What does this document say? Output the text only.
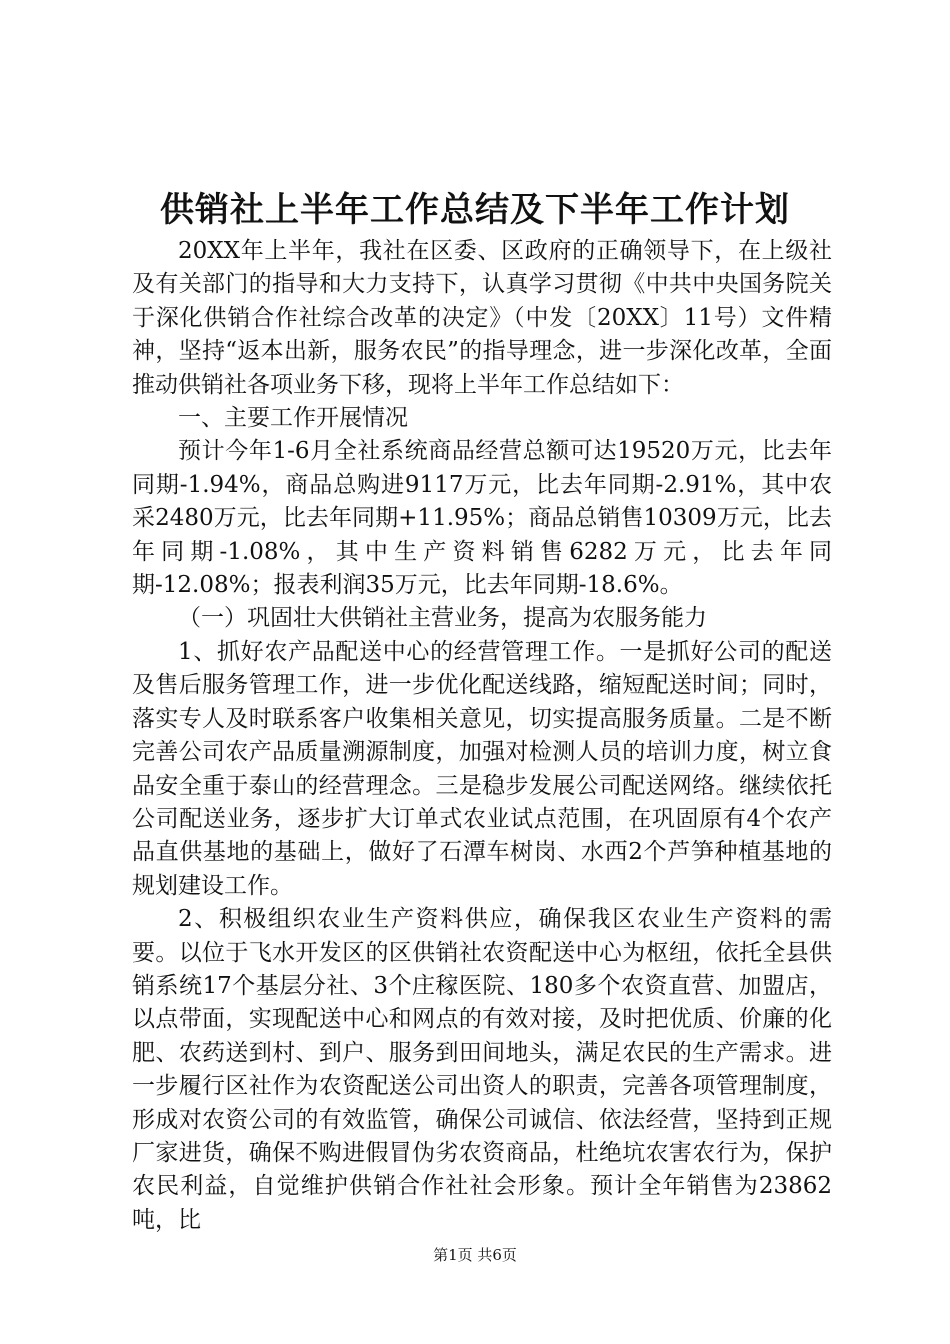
供销社上半年工作总结及下半年工作计划

20XX年上半年，我社在区委、区政府的正确领导下，在上级社及有关部门的指导和大力支持下，认真学习贯彻《中共中央国务院关于深化供销合作社综合改革的决定》（中发〔20XX〕11号）文件精神，坚持“返本出新，服务农民”的指导理念，进一步深化改革，全面推动供销社各项业务下移，现将上半年工作总结如下：

一、主要工作开展情况

预计今年1-6月全社系统商品经营总额可达19520万元，比去年同期-1.94%，商品总购进9117万元，比去年同期-2.91%，其中农采2480万元，比去年同期+11.95%；商品总销售10309万元，比去年同期-1.08%，其中生产资料销售6282万元，比去年同期-12.08%；报表利润35万元，比去年同期-18.6%。

（一）巩固壮大供销社主营业务，提高为农服务能力

1、抓好农产品配送中心的经营管理工作。一是抓好公司的配送及售后服务管理工作，进一步优化配送线路，缩短配送时间；同时，落实专人及时联系客户收集相关意见，切实提高服务质量。二是不断完善公司农产品质量溯源制度，加强对检测人员的培训力度，树立食品安全重于泰山的经营理念。三是稳步发展公司配送网络。继续依托公司配送业务，逐步扩大订单式农业试点范围，在巩固原有4个农产品直供基地的基础上，做好了石潭车树岗、水西2个芦笋种植基地的规划建设工作。

2、积极组织农业生产资料供应，确保我区农业生产资料的需要。以位于飞水开发区的区供销社农资配送中心为枢纽，依托全县供销系统17个基层分社、3个庄稼医院、180多个农资直营、加盟店，以点带面，实现配送中心和网点的有效对接，及时把优质、价廉的化肥、农药送到村、到户、服务到田间地头，满足农民的生产需求。进一步履行区社作为农资配送公司出资人的职责，完善各项管理制度，形成对农资公司的有效监管，确保公司诚信、依法经营，坚持到正规厂家进货，确保不购进假冒伪劣农资商品，杜绝坑农害农行为，保护农民利益，自觉维护供销合作社社会形象。预计全年销售为23862吨，比

第1页 共6页
